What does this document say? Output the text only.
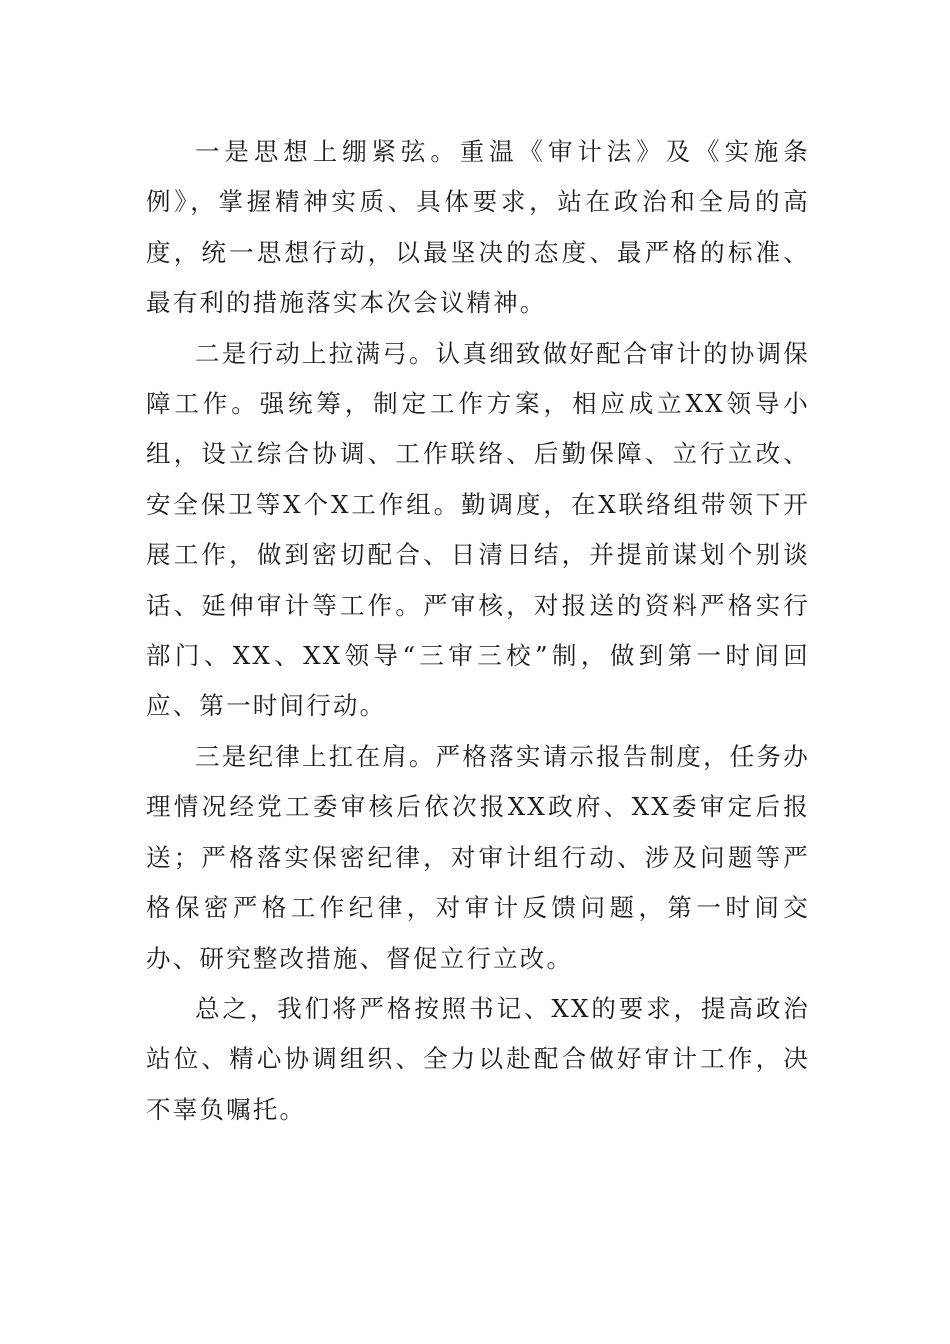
一是思想上绷紧弦。重温《审计法》及《实施条例》，掌握精神实质、具体要求，站在政治和全局的高度，统一思想行动，以最坚决的态度、最严格的标准、最有利的措施落实本次会议精神。

二是行动上拉满弓。认真细致做好配合审计的协调保障工作。强统筹，制定工作方案，相应成立XX领导小组，设立综合协调、工作联络、后勤保障、立行立改、安全保卫等X个X工作组。勤调度，在X联络组带领下开展工作，做到密切配合、日清日结，并提前谋划个别谈话、延伸审计等工作。严审核，对报送的资料严格实行部门、XX、XX领导“三审三校”制，做到第一时间回应、第一时间行动。

三是纪律上扛在肩。严格落实请示报告制度，任务办理情况经党工委审核后依次报XX政府、XX委审定后报送；严格落实保密纪律，对审计组行动、涉及问题等严格保密严格工作纪律，对审计反馈问题，第一时间交办、研究整改措施、督促立行立改。

总之，我们将严格按照书记、XX的要求，提高政治站位、精心协调组织、全力以赴配合做好审计工作，决不辜负嘱托。
